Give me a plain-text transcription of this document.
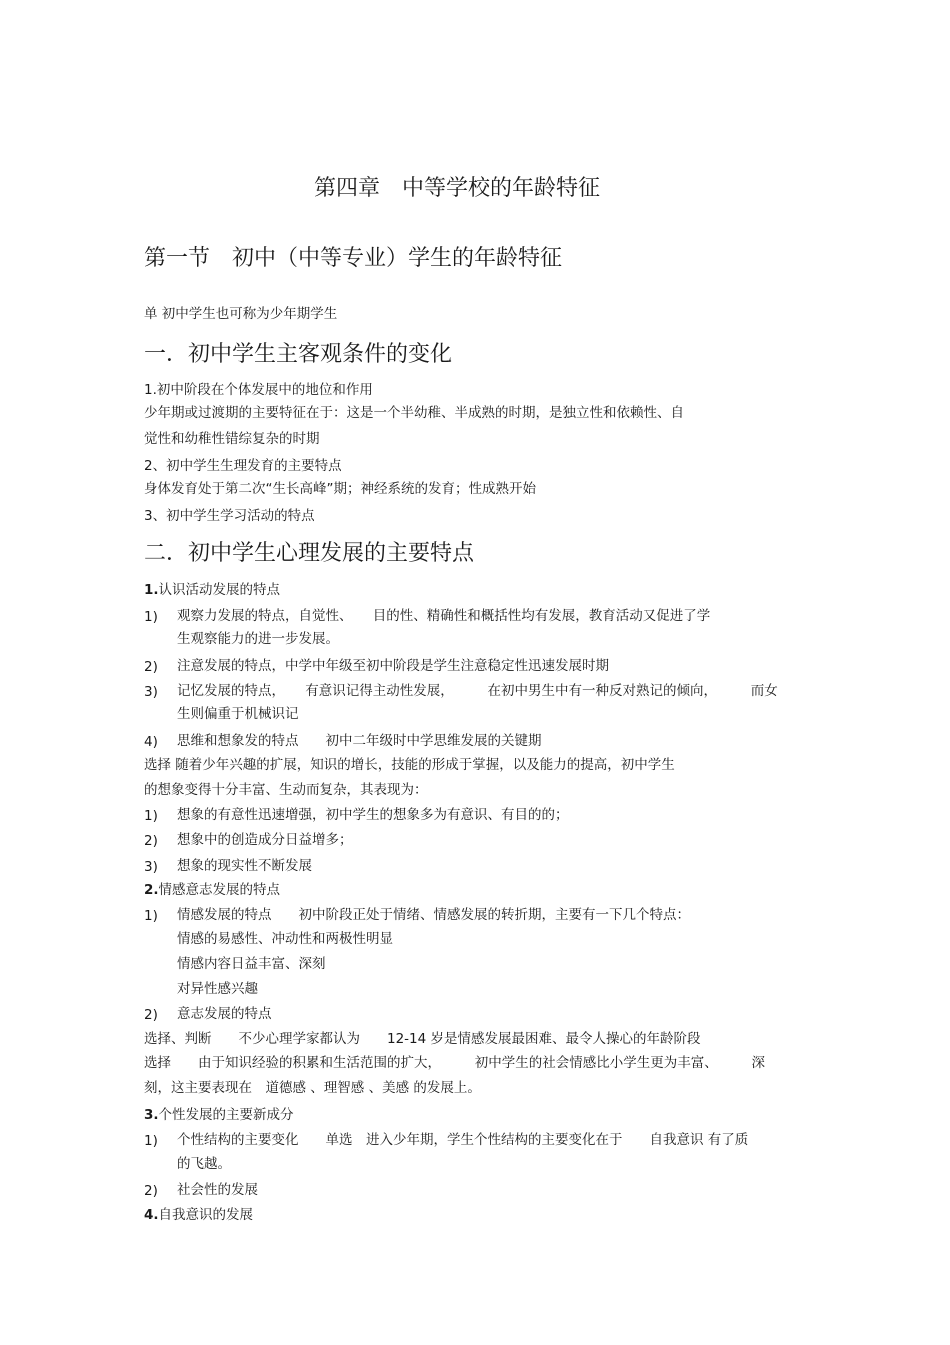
第四章　中等学校的年龄特征
第一节　初中（中等专业）学生的年龄特征
单 初中学生也可称为少年期学生
一．初中学生主客观条件的变化
1.初中阶段在个体发展中的地位和作用
少年期或过渡期的主要特征在于：这是一个半幼稚、半成熟的时期，是独立性和依赖性、自
觉性和幼稚性错综复杂的时期
2、初中学生生理发育的主要特点
身体发育处于第二次“生长高峰”期；神经系统的发育；性成熟开始
3、初中学生学习活动的特点
二．初中学生心理发展的主要特点
1.认识活动发展的特点
1) 观察力发展的特点，自觉性、　　目的性、精确性和概括性均有发展，教育活动又促进了学
生观察能力的进一步发展。
2) 注意发展的特点，中学中年级至初中阶段是学生注意稳定性迅速发展时期
3) 记忆发展的特点，　　有意识记得主动性发展，　　　在初中男生中有一种反对熟记的倾向，　　　而女
生则偏重于机械识记
4) 思维和想象发的特点　　初中二年级时中学思维发展的关键期
选择 随着少年兴趣的扩展，知识的增长，技能的形成于掌握，以及能力的提高，初中学生
的想象变得十分丰富、生动而复杂，其表现为：
1) 想象的有意性迅速增强，初中学生的想象多为有意识、有目的的；
2) 想象中的创造成分日益增多；
3) 想象的现实性不断发展
2.情感意志发展的特点
1) 情感发展的特点　　初中阶段正处于情绪、情感发展的转折期，主要有一下几个特点：
情感的易感性、冲动性和两极性明显
情感内容日益丰富、深刻
对异性感兴趣
2) 意志发展的特点
选择、判断　　不少心理学家都认为　　12-14 岁是情感发展最困难、最令人操心的年龄阶段
选择　　由于知识经验的积累和生活范围的扩大，　　　初中学生的社会情感比小学生更为丰富、　　　深
刻，这主要表现在　道德感 、理智感 、美感 的发展上。
3.个性发展的主要新成分
1) 个性结构的主要变化　　单选　进入少年期，学生个性结构的主要变化在于　　自我意识 有了质
的飞越。
2) 社会性的发展
4.自我意识的发展
